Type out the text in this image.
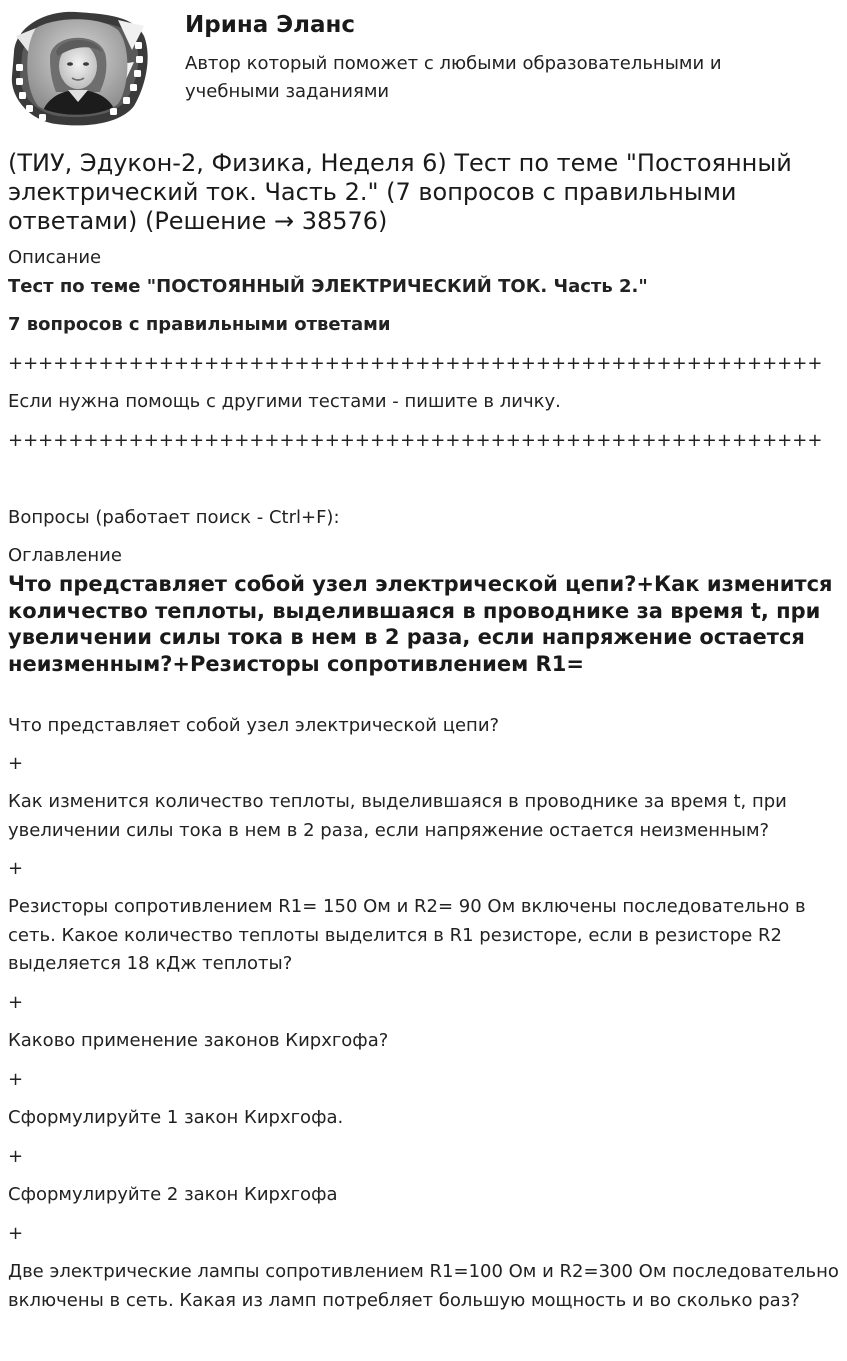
Ирина Эланс
Автор который поможет с любыми образовательными и учебными заданиями
(ТИУ, Эдукон-2, Физика, Неделя 6) Тест по теме "Постоянный электрический ток. Часть 2." (7 вопросов с правильными ответами) (Решение → 38576)
Описание
Тест по теме "ПОСТОЯННЫЙ ЭЛЕКТРИЧЕСКИЙ ТОК. Часть 2."
7 вопросов с правильными ответами
++++++++++++++++++++++++++++++++++++++++++++++++++++++
Если нужна помощь с другими тестами - пишите в личку.
++++++++++++++++++++++++++++++++++++++++++++++++++++++
Вопросы (работает поиск - Ctrl+F):
Оглавление
Что представляет собой узел электрической цепи?+Как изменится количество теплоты, выделившаяся в проводнике за время t, при увеличении силы тока в нем в 2 раза, если напряжение остается неизменным?+Резисторы сопротивлением R1=
Что представляет собой узел электрической цепи?
+
Как изменится количество теплоты, выделившаяся в проводнике за время t, при увеличении силы тока в нем в 2 раза, если напряжение остается неизменным?
+
Резисторы сопротивлением R1= 150 Ом и R2= 90 Ом включены последовательно в сеть. Какое количество теплоты выделится в R1 резисторе, если в резисторе R2 выделяется 18 кДж теплоты?
+
Каково применение законов Кирхгофа?
+
Сформулируйте 1 закон Кирхгофа.
+
Сформулируйте 2 закон Кирхгофа
+
Две электрические лампы сопротивлением R1=100 Ом и R2=300 Ом последовательно включены в сеть. Какая из ламп потребляет большую мощность и во сколько раз?
